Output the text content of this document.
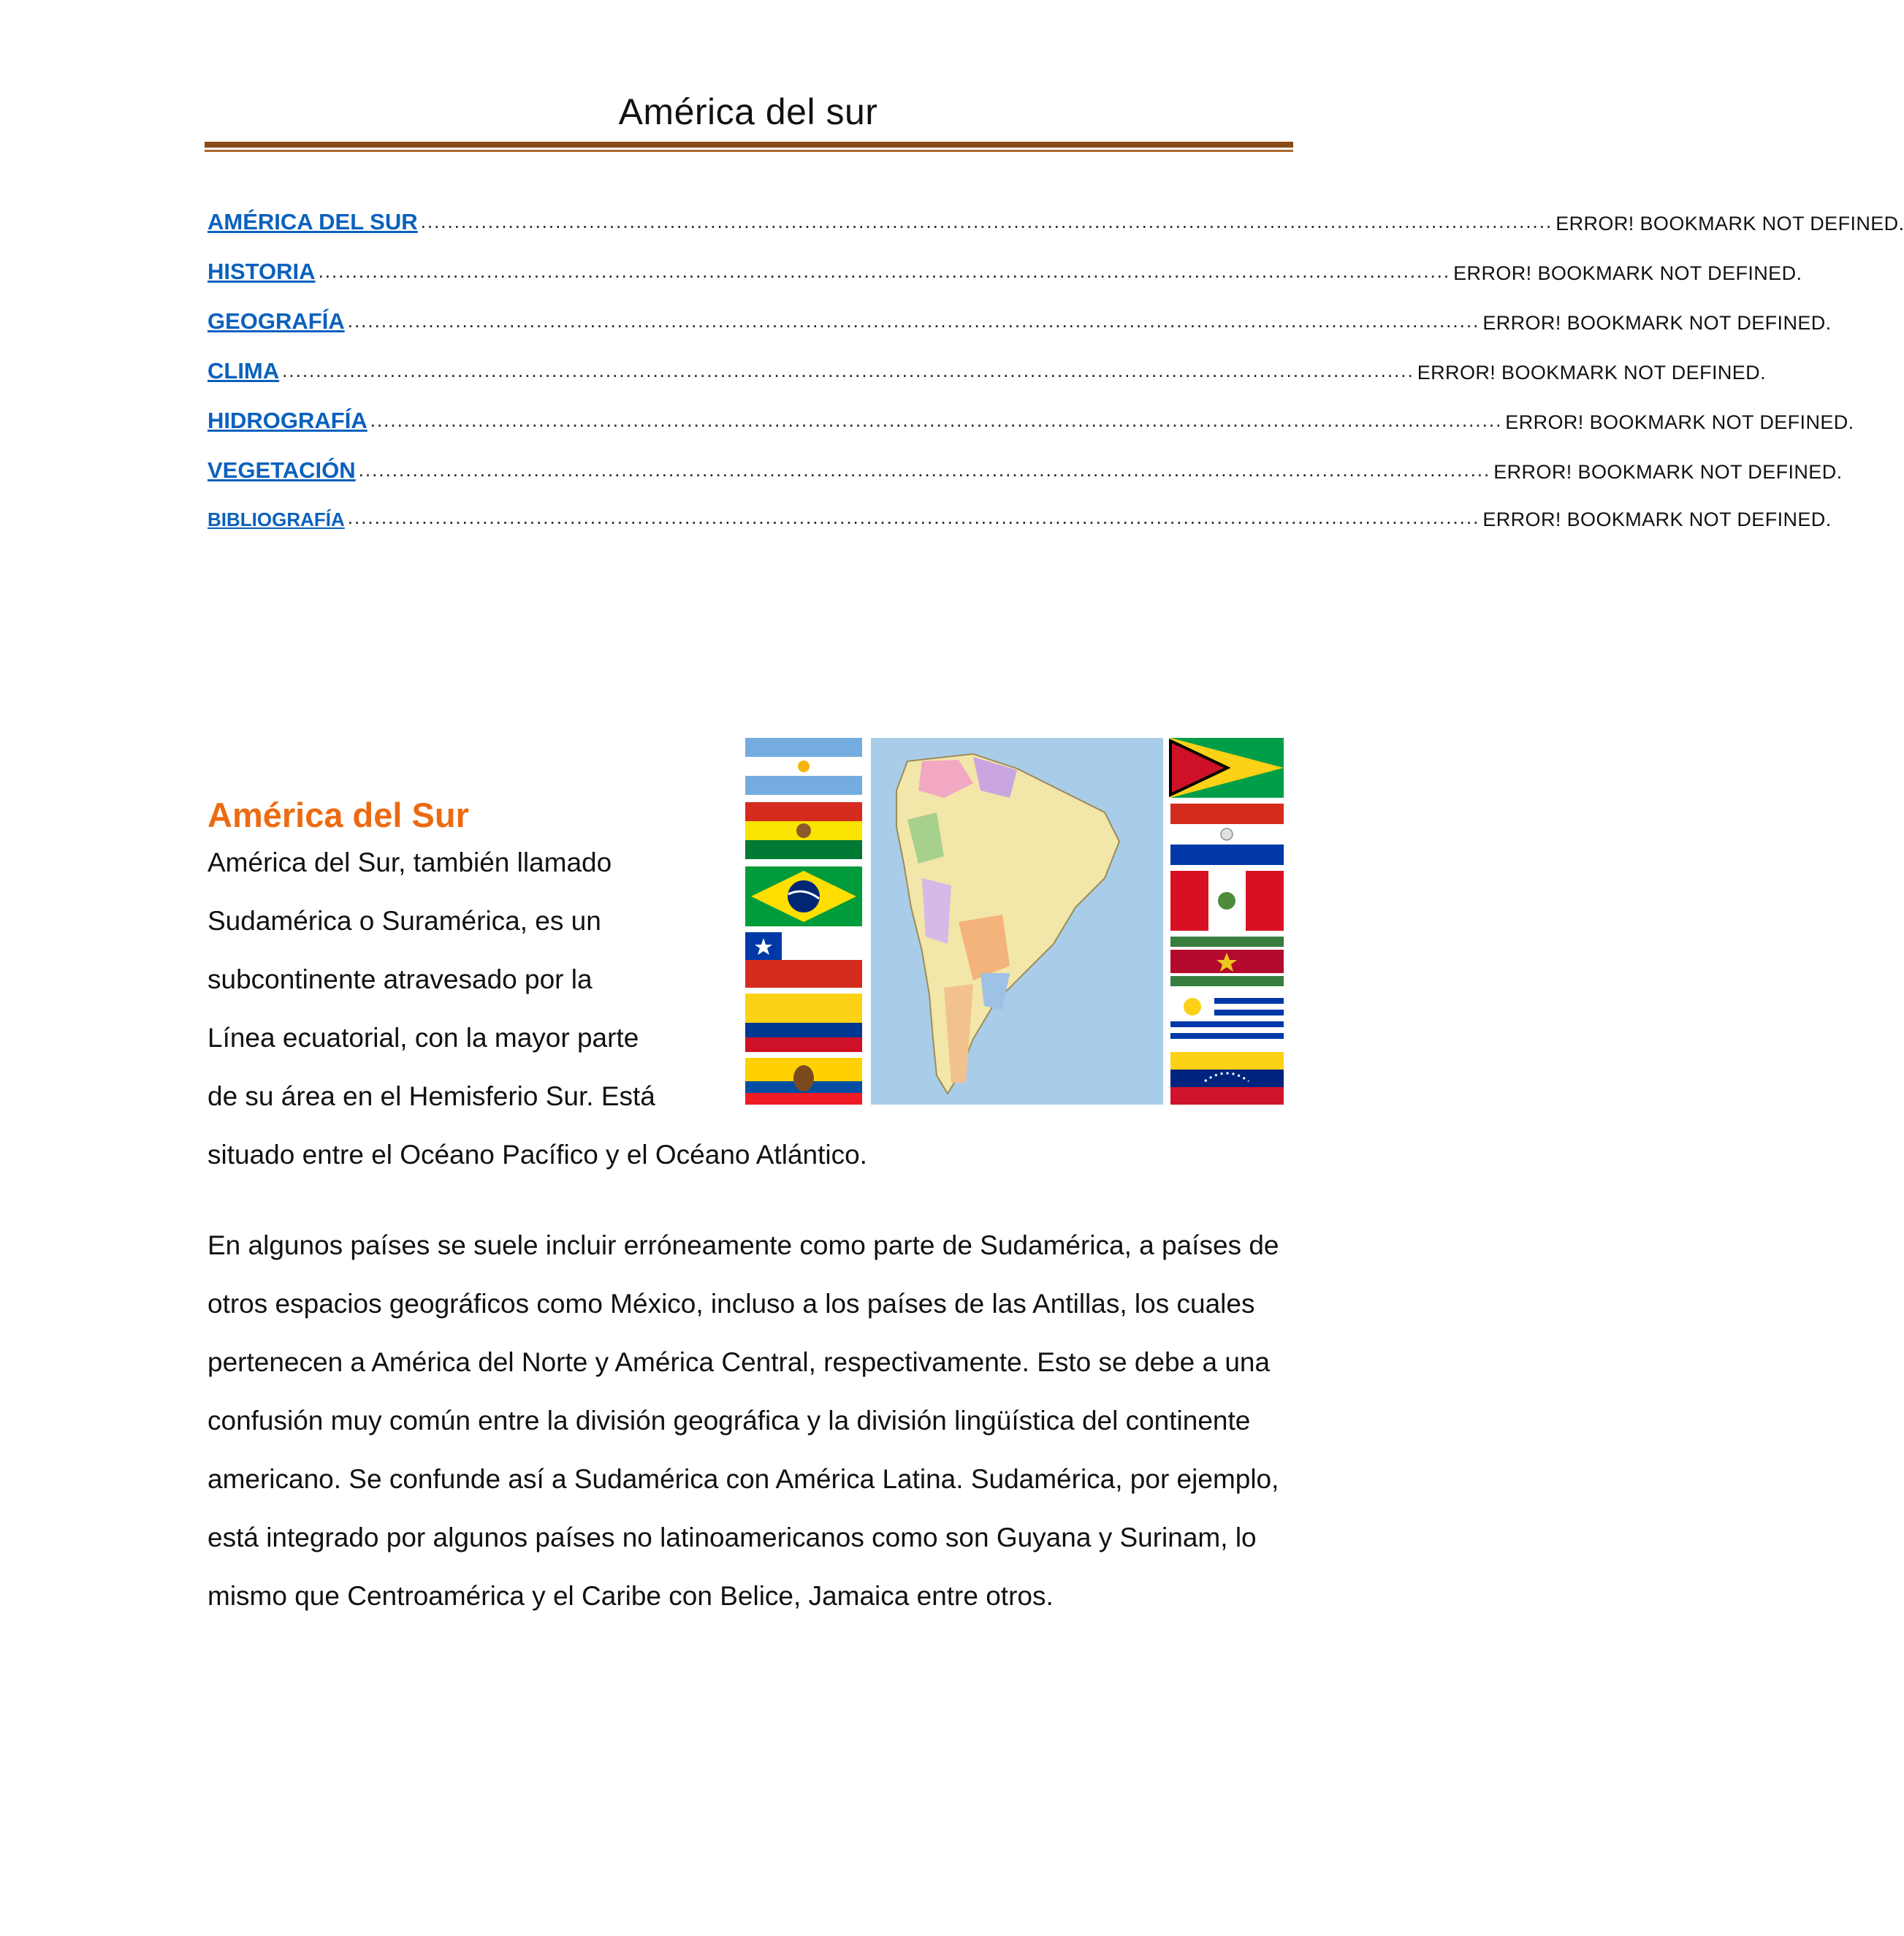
América del sur
AMÉRICA DEL SUR ........................................................................................................................................................................ ERROR! BOOKMARK NOT DEFINED.
HISTORIA ........................................................................................................................................................................ ERROR! BOOKMARK NOT DEFINED.
GEOGRAFÍA ........................................................................................................................................................................ ERROR! BOOKMARK NOT DEFINED.
CLIMA ........................................................................................................................................................................ ERROR! BOOKMARK NOT DEFINED.
HIDROGRAFÍA ........................................................................................................................................................................ ERROR! BOOKMARK NOT DEFINED.
VEGETACIÓN ........................................................................................................................................................................ ERROR! BOOKMARK NOT DEFINED.
BIBLIOGRAFÍA ........................................................................................................................................................................ ERROR! BOOKMARK NOT DEFINED.
América del Sur
América del Sur, también llamado
Sudamérica o Suramérica, es un
subcontinente atravesado por la
Línea ecuatorial, con la mayor parte
de su área en el Hemisferio Sur. Está
situado entre el Océano Pacífico y el Océano Atlántico.
En algunos países se suele incluir erróneamente como parte de Sudamérica, a países de otros espacios geográficos como México, incluso a los países de las Antillas, los cuales pertenecen a América del Norte y América Central, respectivamente. Esto se debe a una confusión muy común entre la división geográfica y la división lingüística del continente americano. Se confunde así a Sudamérica con América Latina. Sudamérica, por ejemplo, está integrado por algunos países no latinoamericanos como son Guyana y Surinam, lo mismo que Centroamérica y el Caribe con Belice, Jamaica entre otros.
